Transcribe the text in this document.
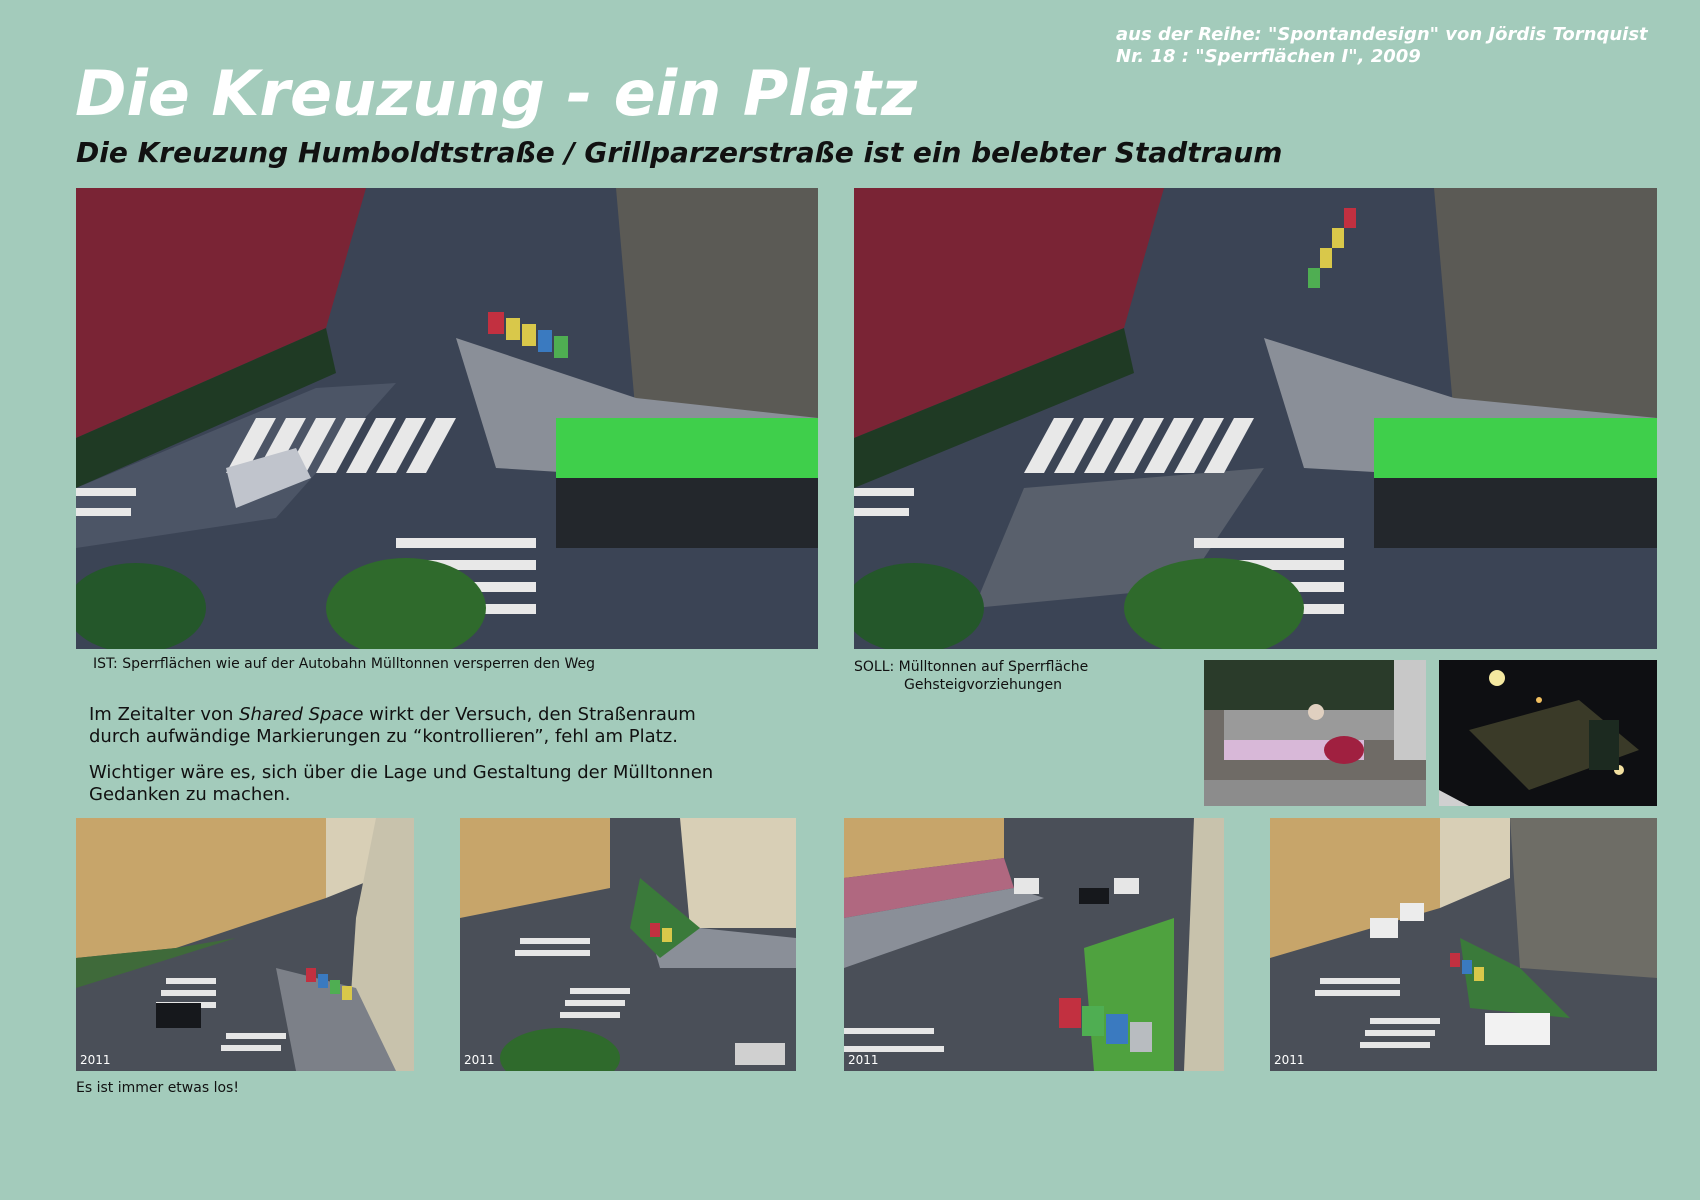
aus der Reihe: "Spontandesign" von Jördis Tornquist
Nr. 18 : "Sperrflächen I", 2009
Die Kreuzung - ein Platz
Die Kreuzung Humboldtstraße / Grillparzerstraße ist ein belebter Stadtraum
IST: Sperrflächen wie auf der Autobahn Mülltonnen versperren den Weg	SOLL: Mülltonnen auf Sperrfläche
Gehsteigvorziehungen

Im Zeitalter von Shared Space wirkt der Versuch, den Straßenraum durch aufwändige Markierungen zu “kontrollieren”, fehl am Platz.

Wichtiger wäre es, sich über die Lage und Gestaltung der Mülltonnen Gedanken zu machen.

2011	2011	2011	2011
Es ist immer etwas los!
